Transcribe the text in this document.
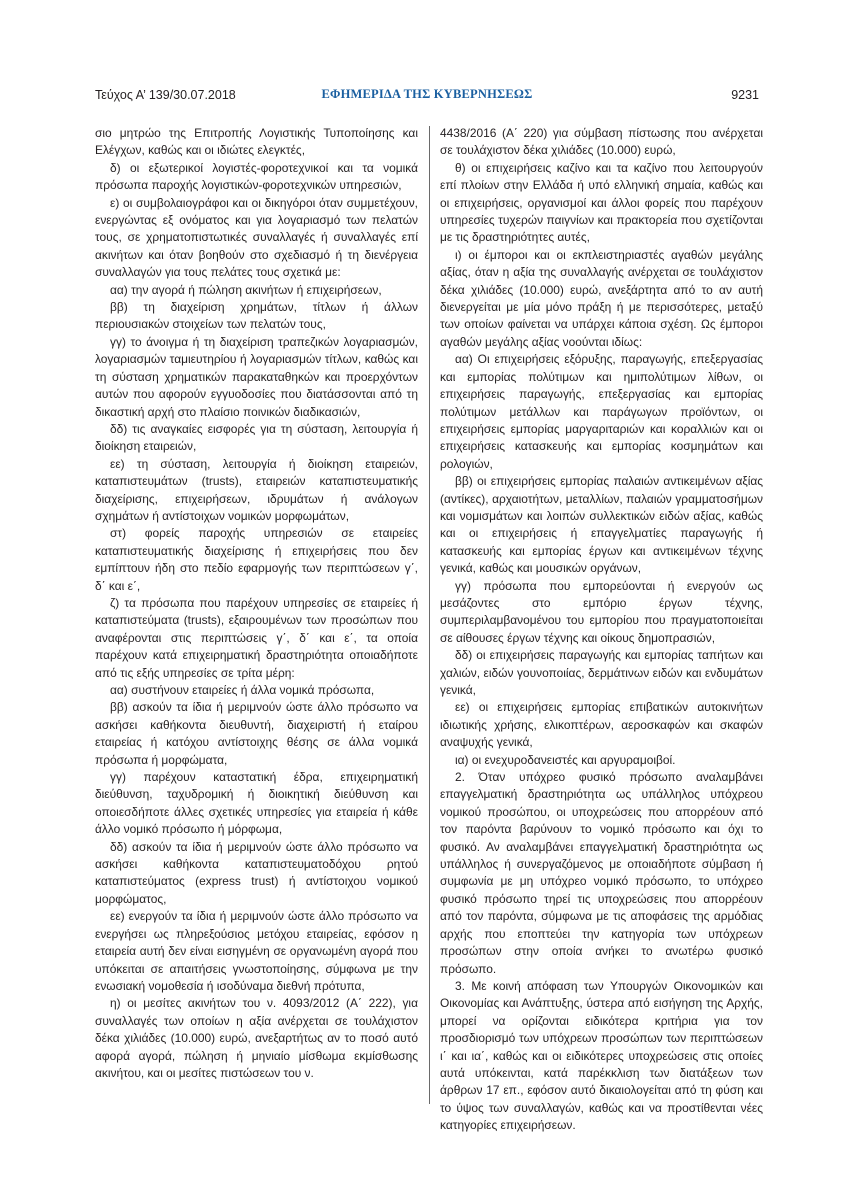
Τεύχος Α’ 139/30.07.2018	ΕΦΗΜΕΡΙΔΑ ΤΗΣ ΚΥΒΕΡΝΗΣΕΩΣ	9231

σιο μητρώο της Επιτροπής Λογιστικής Τυποποίησης και Ελέγχων, καθώς και οι ιδιώτες ελεγκτές,

δ) οι εξωτερικοί λογιστές-φοροτεχνικοί και τα νομικά πρόσωπα παροχής λογιστικών-φοροτεχνικών υπηρεσιών,

ε) οι συμβολαιογράφοι και οι δικηγόροι όταν συμμετέχουν, ενεργώντας εξ ονόματος και για λογαριασμό των πελατών τους, σε χρηματοπιστωτικές συναλλαγές ή συναλλαγές επί ακινήτων και όταν βοηθούν στο σχεδιασμό ή τη διενέργεια συναλλαγών για τους πελάτες τους σχετικά με:

αα) την αγορά ή πώληση ακινήτων ή επιχειρήσεων,

ββ) τη διαχείριση χρημάτων, τίτλων ή άλλων περιουσιακών στοιχείων των πελατών τους,

γγ) το άνοιγμα ή τη διαχείριση τραπεζικών λογαριασμών, λογαριασμών ταμιευτηρίου ή λογαριασμών τίτλων, καθώς και τη σύσταση χρηματικών παρακαταθηκών και προερχόντων αυτών που αφορούν εγγυοδοσίες που διατάσσονται από τη δικαστική αρχή στο πλαίσιο ποινικών διαδικασιών,

δδ) τις αναγκαίες εισφορές για τη σύσταση, λειτουργία ή διοίκηση εταιρειών,

εε) τη σύσταση, λειτουργία ή διοίκηση εταιρειών, καταπιστευμάτων (trusts), εταιρειών καταπιστευματικής διαχείρισης, επιχειρήσεων, ιδρυμάτων ή ανάλογων σχημάτων ή αντίστοιχων νομικών μορφωμάτων,

στ) φορείς παροχής υπηρεσιών σε εταιρείες καταπιστευματικής διαχείρισης ή επιχειρήσεις που δεν εμπίπτουν ήδη στο πεδίο εφαρμογής των περιπτώσεων γ΄, δ΄ και ε΄,

ζ) τα πρόσωπα που παρέχουν υπηρεσίες σε εταιρείες ή καταπιστεύματα (trusts), εξαιρουμένων των προσώπων που αναφέρονται στις περιπτώσεις γ΄, δ΄ και ε΄, τα οποία παρέχουν κατά επιχειρηματική δραστηριότητα οποιαδήποτε από τις εξής υπηρεσίες σε τρίτα μέρη:

αα) συστήνουν εταιρείες ή άλλα νομικά πρόσωπα,

ββ) ασκούν τα ίδια ή μεριμνούν ώστε άλλο πρόσωπο να ασκήσει καθήκοντα διευθυντή, διαχειριστή ή εταίρου εταιρείας ή κατόχου αντίστοιχης θέσης σε άλλα νομικά πρόσωπα ή μορφώματα,

γγ) παρέχουν καταστατική έδρα, επιχειρηματική διεύθυνση, ταχυδρομική ή διοικητική διεύθυνση και οποιεσδήποτε άλλες σχετικές υπηρεσίες για εταιρεία ή κάθε άλλο νομικό πρόσωπο ή μόρφωμα,

δδ) ασκούν τα ίδια ή μεριμνούν ώστε άλλο πρόσωπο να ασκήσει καθήκοντα καταπιστευματοδόχου ρητού καταπιστεύματος (express trust) ή αντίστοιχου νομικού μορφώματος,

εε) ενεργούν τα ίδια ή μεριμνούν ώστε άλλο πρόσωπο να ενεργήσει ως πληρεξούσιος μετόχου εταιρείας, εφόσον η εταιρεία αυτή δεν είναι εισηγμένη σε οργανωμένη αγορά που υπόκειται σε απαιτήσεις γνωστοποίησης, σύμφωνα με την ενωσιακή νομοθεσία ή ισοδύναμα διεθνή πρότυπα,

η) οι μεσίτες ακινήτων του ν. 4093/2012 (Α΄ 222), για συναλλαγές των οποίων η αξία ανέρχεται σε τουλάχιστον δέκα χιλιάδες (10.000) ευρώ, ανεξαρτήτως αν το ποσό αυτό αφορά αγορά, πώληση ή μηνιαίο μίσθωμα εκμίσθωσης ακινήτου, και οι μεσίτες πιστώσεων του ν.

4438/2016 (Α΄ 220) για σύμβαση πίστωσης που ανέρχεται σε τουλάχιστον δέκα χιλιάδες (10.000) ευρώ,

θ) οι επιχειρήσεις καζίνο και τα καζίνο που λειτουργούν επί πλοίων στην Ελλάδα ή υπό ελληνική σημαία, καθώς και οι επιχειρήσεις, οργανισμοί και άλλοι φορείς που παρέχουν υπηρεσίες τυχερών παιγνίων και πρακτορεία που σχετίζονται με τις δραστηριότητες αυτές,

ι) οι έμποροι και οι εκπλειστηριαστές αγαθών μεγάλης αξίας, όταν η αξία της συναλλαγής ανέρχεται σε τουλάχιστον δέκα χιλιάδες (10.000) ευρώ, ανεξάρτητα από το αν αυτή διενεργείται με μία μόνο πράξη ή με περισσότερες, μεταξύ των οποίων φαίνεται να υπάρχει κάποια σχέση. Ως έμποροι αγαθών μεγάλης αξίας νοούνται ιδίως:

αα) Οι επιχειρήσεις εξόρυξης, παραγωγής, επεξεργασίας και εμπορίας πολύτιμων και ημιπολύτιμων λίθων, οι επιχειρήσεις παραγωγής, επεξεργασίας και εμπορίας πολύτιμων μετάλλων και παράγωγων προϊόντων, οι επιχειρήσεις εμπορίας μαργαριταριών και κοραλλιών και οι επιχειρήσεις κατασκευής και εμπορίας κοσμημάτων και ρολογιών,

ββ) οι επιχειρήσεις εμπορίας παλαιών αντικειμένων αξίας (αντίκες), αρχαιοτήτων, μεταλλίων, παλαιών γραμματοσήμων και νομισμάτων και λοιπών συλλεκτικών ειδών αξίας, καθώς και οι επιχειρήσεις ή επαγγελματίες παραγωγής ή κατασκευής και εμπορίας έργων και αντικειμένων τέχνης γενικά, καθώς και μουσικών οργάνων,

γγ) πρόσωπα που εμπορεύονται ή ενεργούν ως μεσάζοντες στο εμπόριο έργων τέχνης, συμπεριλαμβανομένου του εμπορίου που πραγματοποιείται σε αίθουσες έργων τέχνης και οίκους δημοπρασιών,

δδ) οι επιχειρήσεις παραγωγής και εμπορίας ταπήτων και χαλιών, ειδών γουνοποιίας, δερμάτινων ειδών και ενδυμάτων γενικά,

εε) οι επιχειρήσεις εμπορίας επιβατικών αυτοκινήτων ιδιωτικής χρήσης, ελικοπτέρων, αεροσκαφών και σκαφών αναψυχής γενικά,

ια) οι ενεχυροδανειστές και αργυραμοιβοί.

2. Όταν υπόχρεο φυσικό πρόσωπο αναλαμβάνει επαγγελματική δραστηριότητα ως υπάλληλος υπόχρεου νομικού προσώπου, οι υποχρεώσεις που απορρέουν από τον παρόντα βαρύνουν το νομικό πρόσωπο και όχι το φυσικό. Αν αναλαμβάνει επαγγελματική δραστηριότητα ως υπάλληλος ή συνεργαζόμενος με οποιαδήποτε σύμβαση ή συμφωνία με μη υπόχρεο νομικό πρόσωπο, το υπόχρεο φυσικό πρόσωπο τηρεί τις υποχρεώσεις που απορρέουν από τον παρόντα, σύμφωνα με τις αποφάσεις της αρμόδιας αρχής που εποπτεύει την κατηγορία των υπόχρεων προσώπων στην οποία ανήκει το ανωτέρω φυσικό πρόσωπο.

3. Με κοινή απόφαση των Υπουργών Οικονομικών και Οικονομίας και Ανάπτυξης, ύστερα από εισήγηση της Αρχής, μπορεί να ορίζονται ειδικότερα κριτήρια για τον προσδιορισμό των υπόχρεων προσώπων των περιπτώσεων ι΄ και ια΄, καθώς και οι ειδικότερες υποχρεώσεις στις οποίες αυτά υπόκεινται, κατά παρέκκλιση των διατάξεων των άρθρων 17 επ., εφόσον αυτό δικαιολογείται από τη φύση και το ύψος των συναλλαγών, καθώς και να προστίθενται νέες κατηγορίες επιχειρήσεων.
